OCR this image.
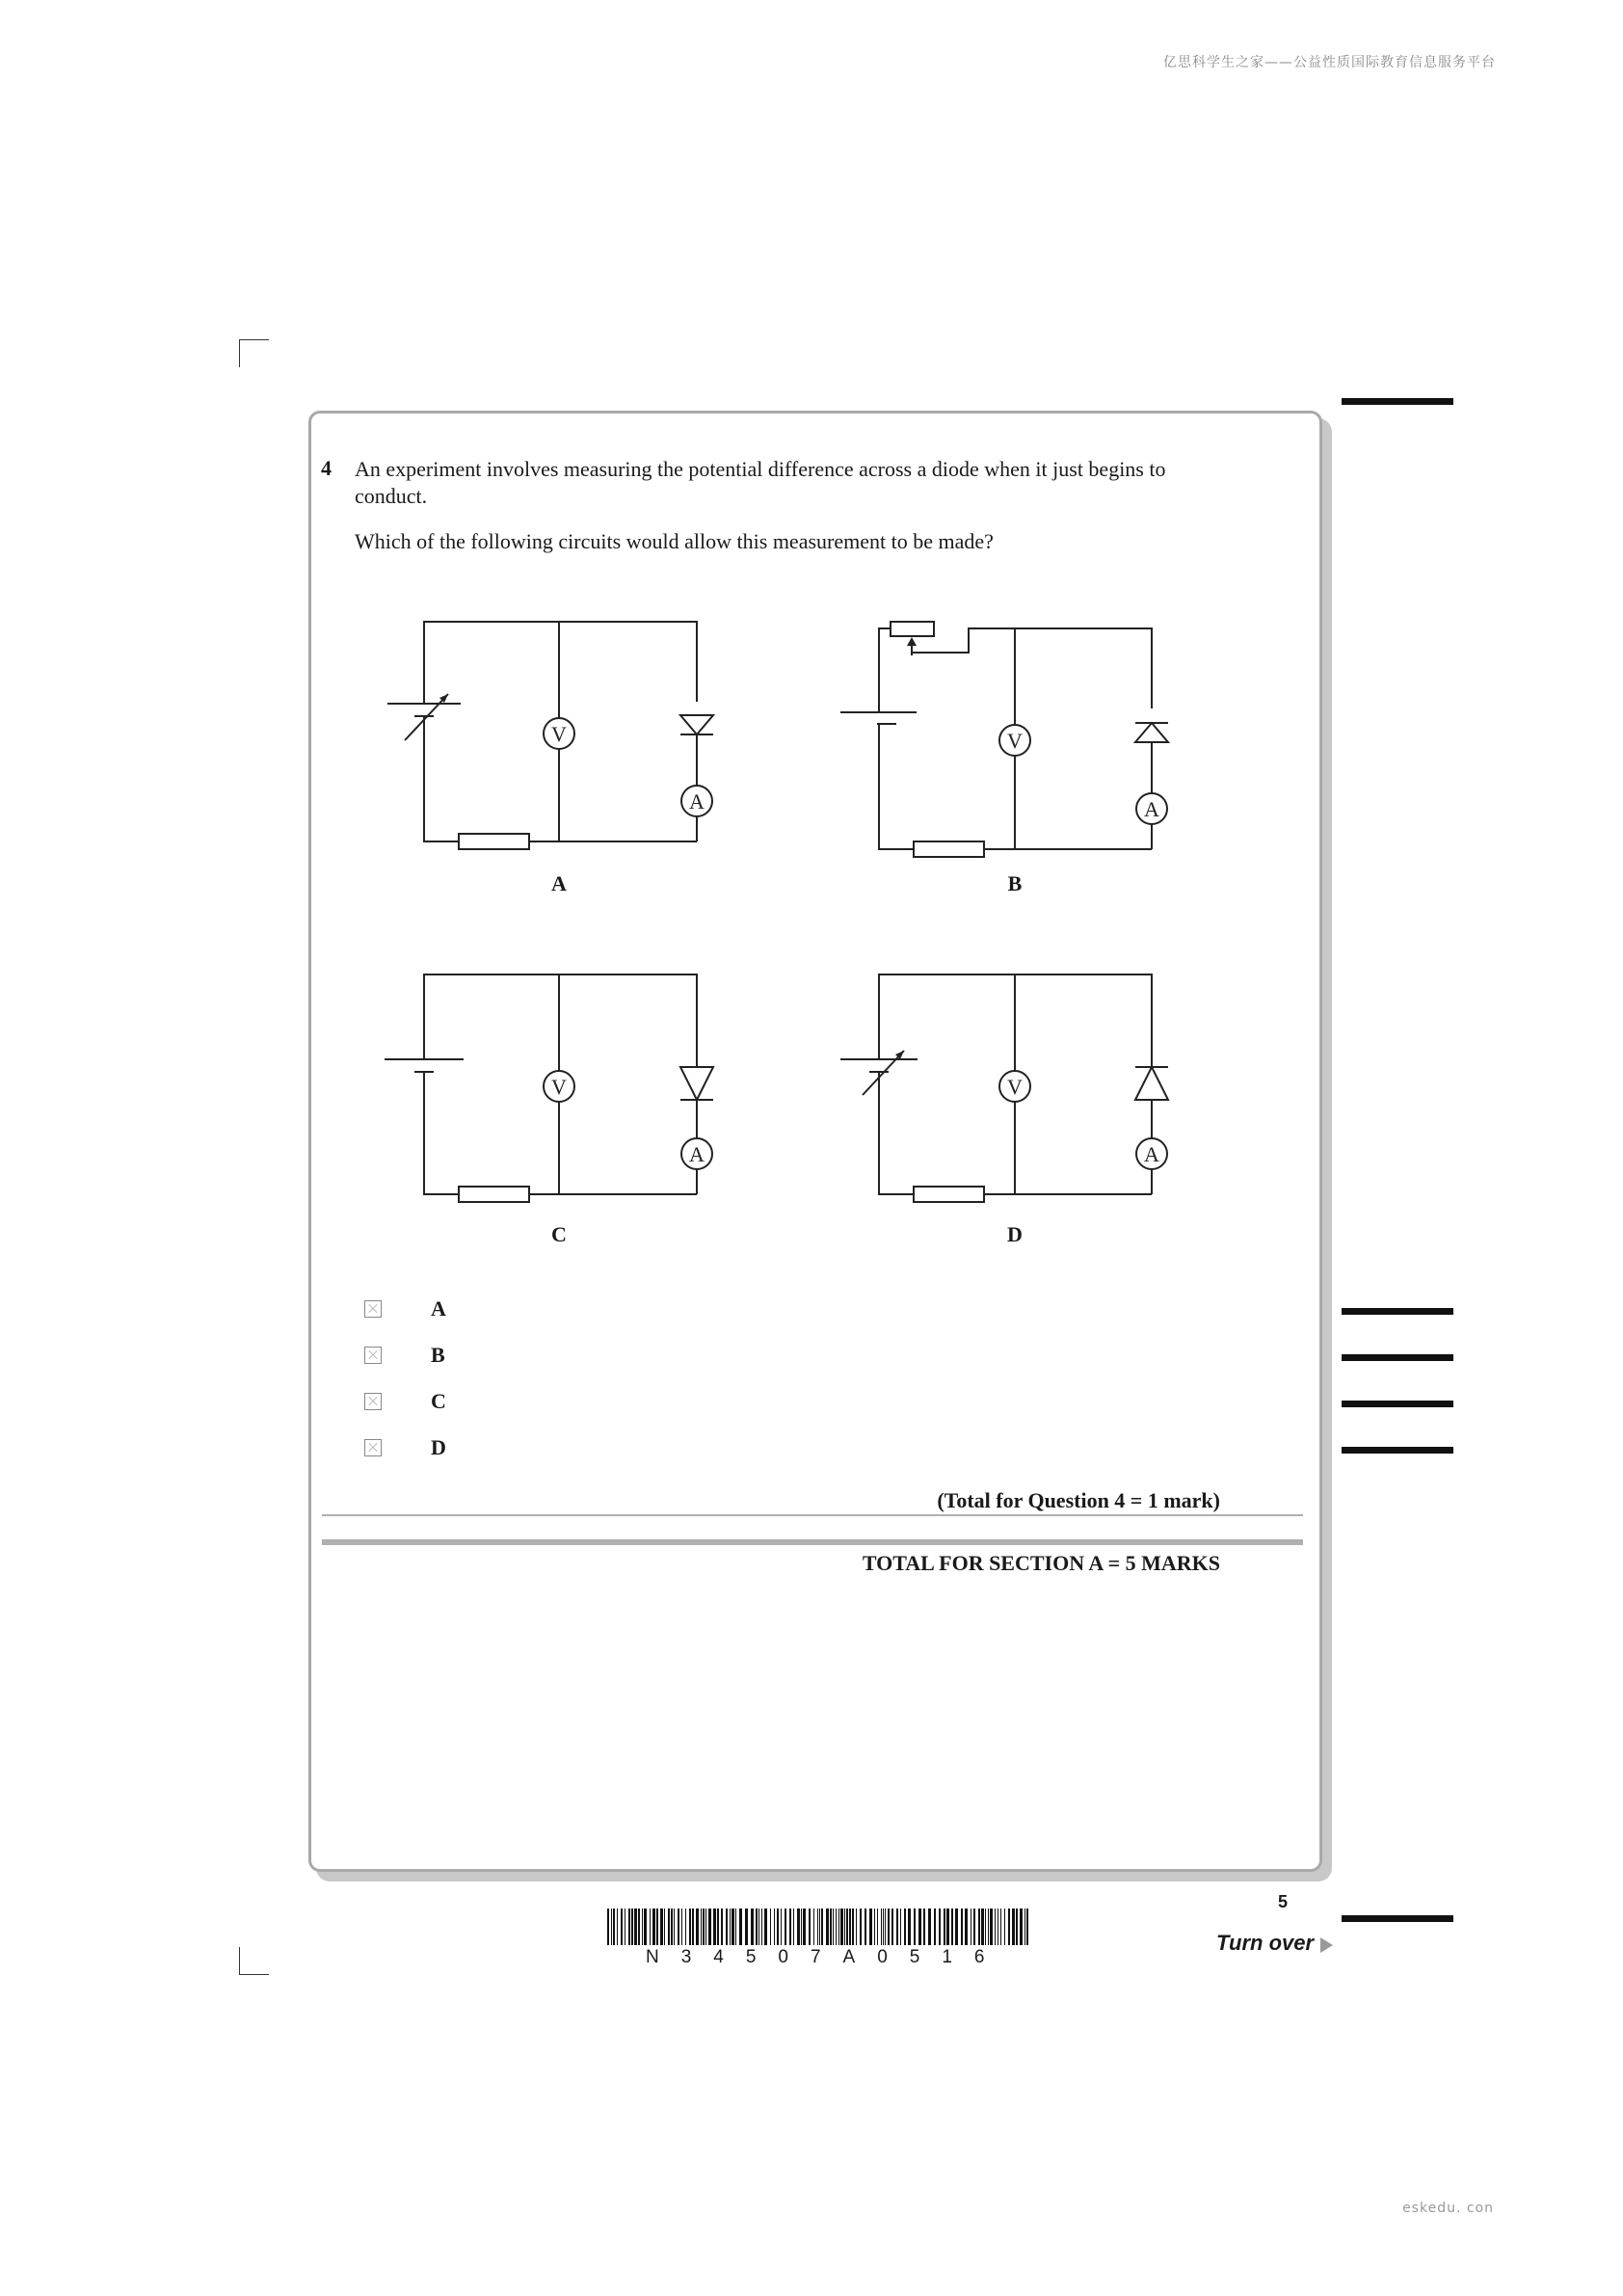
亿思科学生之家——公益性质国际教育信息服务平台
eskedu. con
4 An experiment involves measuring the potential difference across a diode when it just begins to conduct.
Which of the following circuits would allow this measurement to be made?
V
A
A
V
A
B
V
A
C
V
A
D
A
B
C
D
(Total for Question 4 = 1 mark)
TOTAL FOR SECTION A = 5 MARKS
5
N34507A0516
Turn over
